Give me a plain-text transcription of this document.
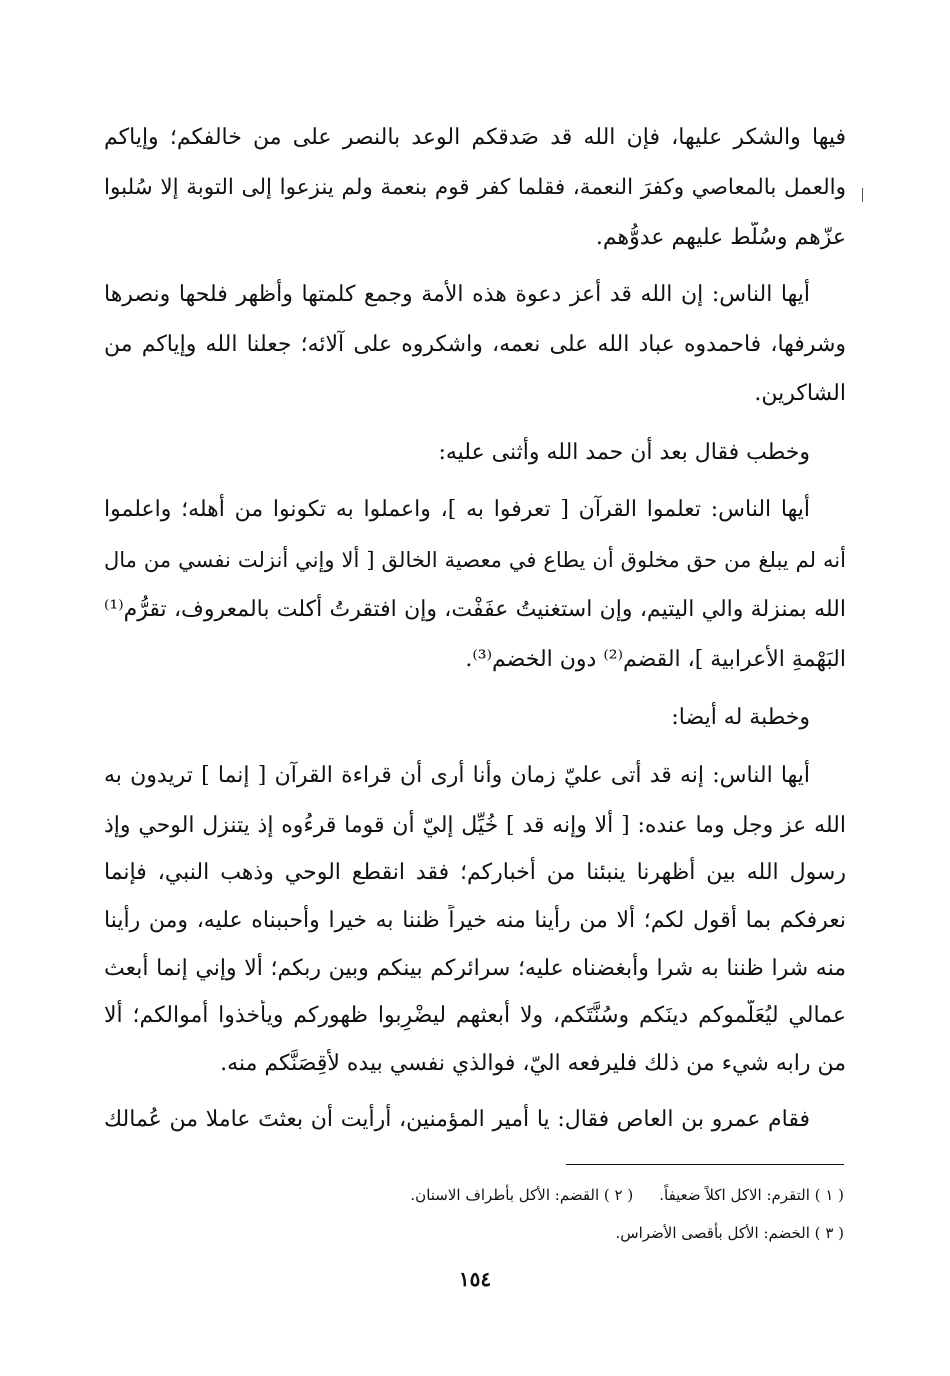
فيها والشكر عليها، فإن الله قد صَدقكم الوعد بالنصر على من خالفكم؛ وإياكم
والعمل بالمعاصي وكفرَ النعمة، فقلما كفر قوم بنعمة ولم ينزعوا إلى التوبة إلا سُلبوا
عزّهم وسُلّط عليهم عدوُّهم.
أيها الناس: إن الله قد أعز دعوة هذه الأمة وجمع كلمتها وأظهر فلحها ونصرها
وشرفها، فاحمدوه عباد الله على نعمه، واشكروه على آلائه؛ جعلنا الله وإياكم من
الشاكرين.
وخطب فقال بعد أن حمد الله وأثنى عليه:
أيها الناس: تعلموا القرآن [ تعرفوا به ]، واعملوا به تكونوا من أهله؛ واعلموا
أنه لم يبلغ من حق مخلوق أن يطاع في معصية الخالق [ ألا وإني أنزلت نفسي من مال
الله بمنزلة والي اليتيم، وإن استغنيتُ عفَفْت، وإن افتقرتُ أكلت بالمعروف، تقرُّم⁽¹⁾
البَهْمةِ الأعرابية ]، القضم⁽²⁾ دون الخضم⁽³⁾.
وخطبة له أيضا:
أيها الناس: إنه قد أتى عليّ زمان وأنا أرى أن قراءة القرآن [ إنما ] تريدون به
الله عز وجل وما عنده: [ ألا وإنه قد ] خُيِّل إليّ أن قوما قرءُوه إذ يتنزل الوحي وإذ
رسول الله بين أظهرنا ينبئنا من أخباركم؛ فقد انقطع الوحي وذهب النبي، فإنما
نعرفكم بما أقول لكم؛ ألا من رأينا منه خيراً ظننا به خيرا وأحببناه عليه، ومن رأينا
منه شرا ظننا به شرا وأبغضناه عليه؛ سرائركم بينكم وبين ربكم؛ ألا وإني إنما أبعث
عمالي ليُعَلّموكم دينَكم وسُنَّتَكم، ولا أبعثهم ليضْرِبوا ظهوركم ويأخذوا أموالكم؛ ألا
من رابه شيء من ذلك فليرفعه اليّ، فوالذي نفسي بيده لأقِصَنَّكم منه.
فقام عمرو بن العاص فقال: يا أمير المؤمنين، أرأيت أن بعثتَ عاملا من عُمالك
( ١ ) التقرم: الاكل اكلاً ضعيفاً.( ٢ ) القضم: الأكل بأطراف الاسنان.
( ٣ ) الخضم: الأكل بأقصى الأضراس.
١٥٤
